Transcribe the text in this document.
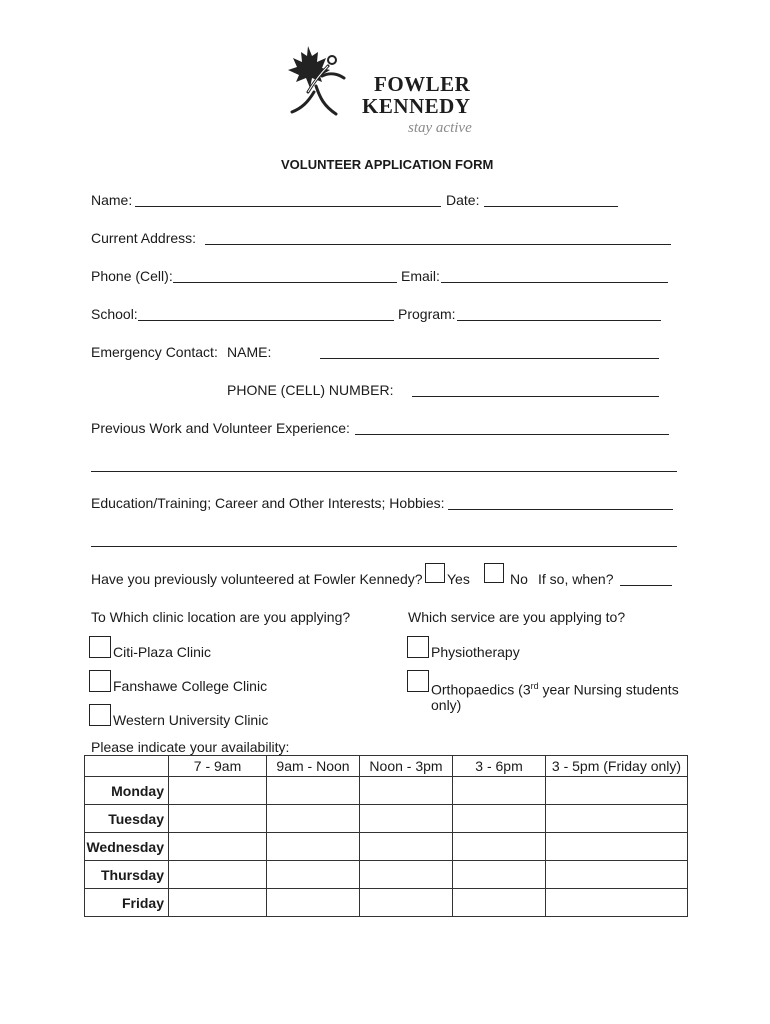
FOWLER
KENNEDY
stay active
VOLUNTEER APPLICATION FORM
Name:	Date:
Current Address:
Phone (Cell):	Email:
School:	Program:
Emergency Contact: NAME:
PHONE (CELL) NUMBER:
Previous Work and Volunteer Experience:
Education/Training; Career and Other Interests; Hobbies:
Have you previously volunteered at Fowler Kennedy? Yes	No If so, when?
To Which clinic location are you applying?	Which service are you applying to?
Citi-Plaza Clinic
Fanshawe College Clinic
Western University Clinic
Physiotherapy
Orthopaedics (3rd year Nursing students
only)
Please indicate your availability:
	7 - 9am	9am - Noon	Noon - 3pm	3 - 6pm	3 - 5pm (Friday only)
Monday					
Tuesday					
Wednesday					
Thursday					
Friday					
